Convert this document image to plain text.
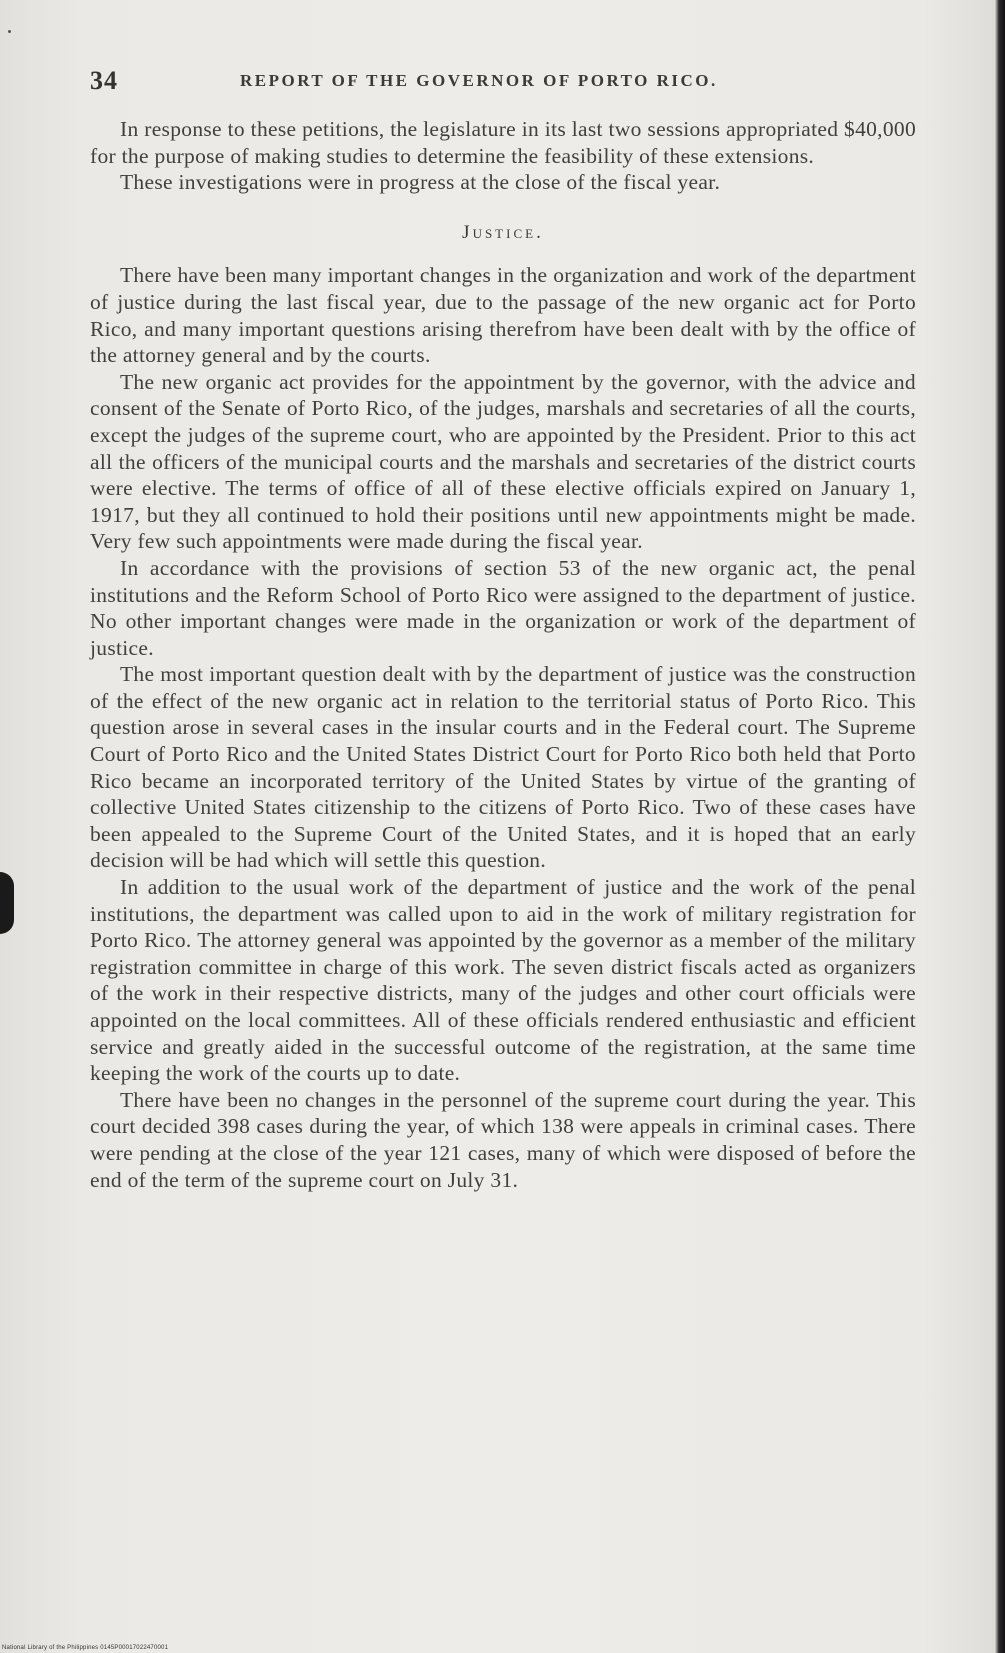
34	REPORT OF THE GOVERNOR OF PORTO RICO.

In response to these petitions, the legislature in its last two sessions appropriated $40,000 for the purpose of making studies to determine the feasibility of these extensions.

These investigations were in progress at the close of the fiscal year.

Justice.

There have been many important changes in the organization and work of the department of justice during the last fiscal year, due to the passage of the new organic act for Porto Rico, and many important questions arising therefrom have been dealt with by the office of the attorney general and by the courts.

The new organic act provides for the appointment by the governor, with the advice and consent of the Senate of Porto Rico, of the judges, marshals and secretaries of all the courts, except the judges of the supreme court, who are appointed by the President. Prior to this act all the officers of the municipal courts and the marshals and secretaries of the district courts were elective. The terms of office of all of these elective officials expired on January 1, 1917, but they all continued to hold their positions until new appointments might be made. Very few such appointments were made during the fiscal year.

In accordance with the provisions of section 53 of the new organic act, the penal institutions and the Reform School of Porto Rico were assigned to the department of justice. No other important changes were made in the organization or work of the department of justice.

The most important question dealt with by the department of justice was the construction of the effect of the new organic act in relation to the territorial status of Porto Rico. This question arose in several cases in the insular courts and in the Federal court. The Supreme Court of Porto Rico and the United States District Court for Porto Rico both held that Porto Rico became an incorporated territory of the United States by virtue of the granting of collective United States citizenship to the citizens of Porto Rico. Two of these cases have been appealed to the Supreme Court of the United States, and it is hoped that an early decision will be had which will settle this question.

In addition to the usual work of the department of justice and the work of the penal institutions, the department was called upon to aid in the work of military registration for Porto Rico. The attorney general was appointed by the governor as a member of the military registration committee in charge of this work. The seven district fiscals acted as organizers of the work in their respective districts, many of the judges and other court officials were appointed on the local committees. All of these officials rendered enthusiastic and efficient service and greatly aided in the successful outcome of the registration, at the same time keeping the work of the courts up to date.

There have been no changes in the personnel of the supreme court during the year. This court decided 398 cases during the year, of which 138 were appeals in criminal cases. There were pending at the close of the year 121 cases, many of which were disposed of before the end of the term of the supreme court on July 31.

National Library of the Philippines 0145P00017022470001
